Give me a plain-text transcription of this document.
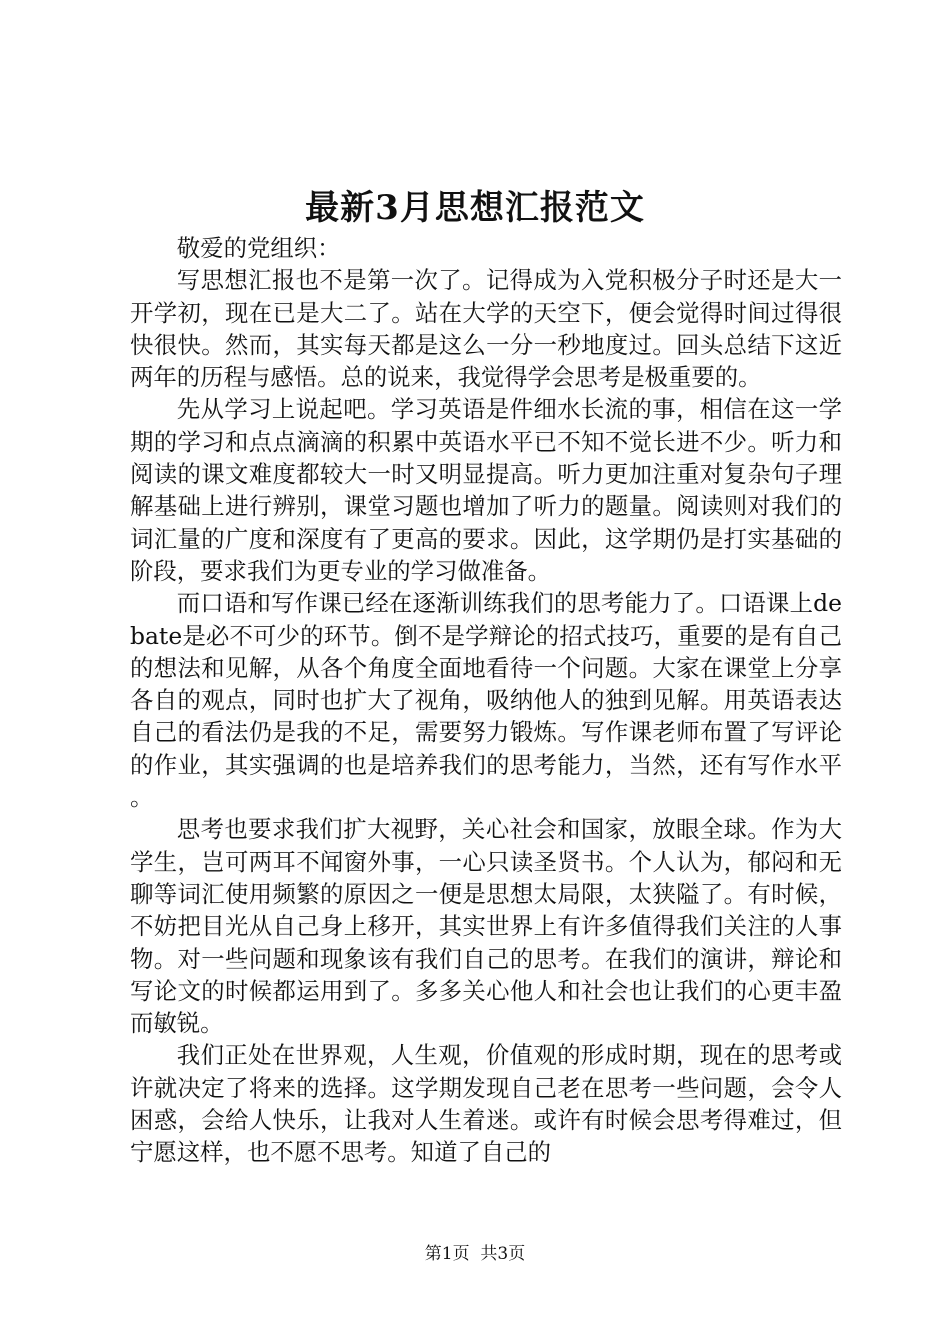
最新3月思想汇报范文

敬爱的党组织：

写思想汇报也不是第一次了。记得成为入党积极分子时还是大一开学初，现在已是大二了。站在大学的天空下，便会觉得时间过得很快很快。然而，其实每天都是这么一分一秒地度过。回头总结下这近两年的历程与感悟。总的说来，我觉得学会思考是极重要的。

先从学习上说起吧。学习英语是件细水长流的事，相信在这一学期的学习和点点滴滴的积累中英语水平已不知不觉长进不少。听力和阅读的课文难度都较大一时又明显提高。听力更加注重对复杂句子理解基础上进行辨别，课堂习题也增加了听力的题量。阅读则对我们的词汇量的广度和深度有了更高的要求。因此，这学期仍是打实基础的阶段，要求我们为更专业的学习做准备。

而口语和写作课已经在逐渐训练我们的思考能力了。口语课上debate是必不可少的环节。倒不是学辩论的招式技巧，重要的是有自己的想法和见解，从各个角度全面地看待一个问题。大家在课堂上分享各自的观点，同时也扩大了视角，吸纳他人的独到见解。用英语表达自己的看法仍是我的不足，需要努力锻炼。写作课老师布置了写评论的作业，其实强调的也是培养我们的思考能力，当然，还有写作水平。

思考也要求我们扩大视野，关心社会和国家，放眼全球。作为大学生，岂可两耳不闻窗外事，一心只读圣贤书。个人认为，郁闷和无聊等词汇使用频繁的原因之一便是思想太局限，太狭隘了。有时候，不妨把目光从自己身上移开，其实世界上有许多值得我们关注的人事物。对一些问题和现象该有我们自己的思考。在我们的演讲，辩论和写论文的时候都运用到了。多多关心他人和社会也让我们的心更丰盈而敏锐。

我们正处在世界观，人生观，价值观的形成时期，现在的思考或许就决定了将来的选择。这学期发现自己老在思考一些问题，会令人困惑，会给人快乐，让我对人生着迷。或许有时候会思考得难过，但宁愿这样，也不愿不思考。知道了自己的

第1页  共3页
